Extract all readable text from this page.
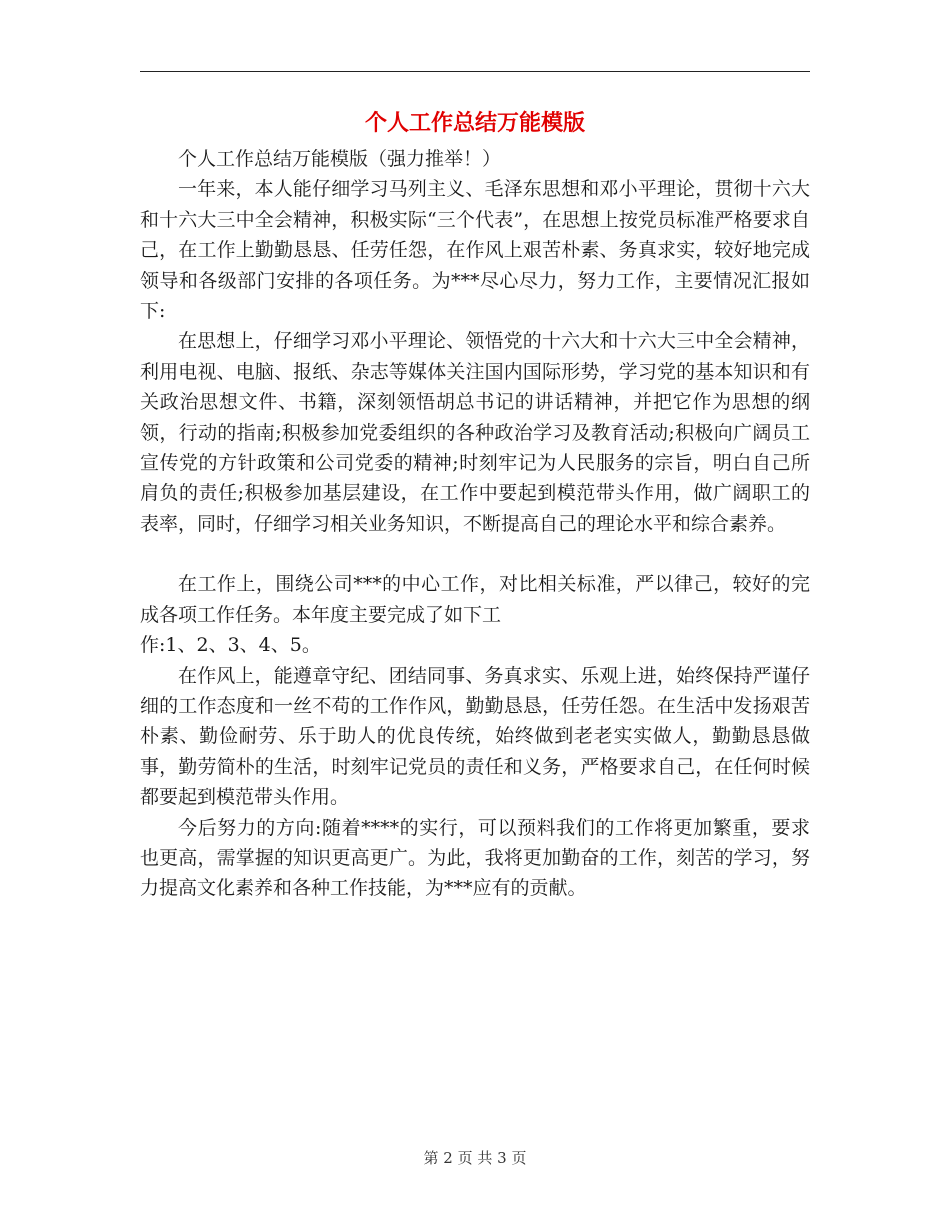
个人工作总结万能模版

个人工作总结万能模版（强力推举！）

一年来，本人能仔细学习马列主义、毛泽东思想和邓小平理论，贯彻十六大和十六大三中全会精神，积极实际“三个代表”，在思想上按党员标准严格要求自己，在工作上勤勤恳恳、任劳任怨，在作风上艰苦朴素、务真求实，较好地完成领导和各级部门安排的各项任务。为***尽心尽力，努力工作，主要情况汇报如下:

在思想上，仔细学习邓小平理论、领悟党的十六大和十六大三中全会精神，利用电视、电脑、报纸、杂志等媒体关注国内国际形势，学习党的基本知识和有关政治思想文件、书籍，深刻领悟胡总书记的讲话精神，并把它作为思想的纲领，行动的指南;积极参加党委组织的各种政治学习及教育活动;积极向广阔员工宣传党的方针政策和公司党委的精神;时刻牢记为人民服务的宗旨，明白自己所肩负的责任;积极参加基层建设，在工作中要起到模范带头作用，做广阔职工的表率，同时，仔细学习相关业务知识，不断提高自己的理论水平和综合素养。

在工作上，围绕公司***的中心工作，对比相关标准，严以律己，较好的完成各项工作任务。本年度主要完成了如下工

作:1、2、3、4、5。

在作风上，能遵章守纪、团结同事、务真求实、乐观上进，始终保持严谨仔细的工作态度和一丝不苟的工作作风，勤勤恳恳，任劳任怨。在生活中发扬艰苦朴素、勤俭耐劳、乐于助人的优良传统，始终做到老老实实做人，勤勤恳恳做事，勤劳简朴的生活，时刻牢记党员的责任和义务，严格要求自己，在任何时候都要起到模范带头作用。

今后努力的方向:随着****的实行，可以预料我们的工作将更加繁重，要求也更高，需掌握的知识更高更广。为此，我将更加勤奋的工作，刻苦的学习，努力提高文化素养和各种工作技能，为***应有的贡献。

第 2 页 共 3 页
